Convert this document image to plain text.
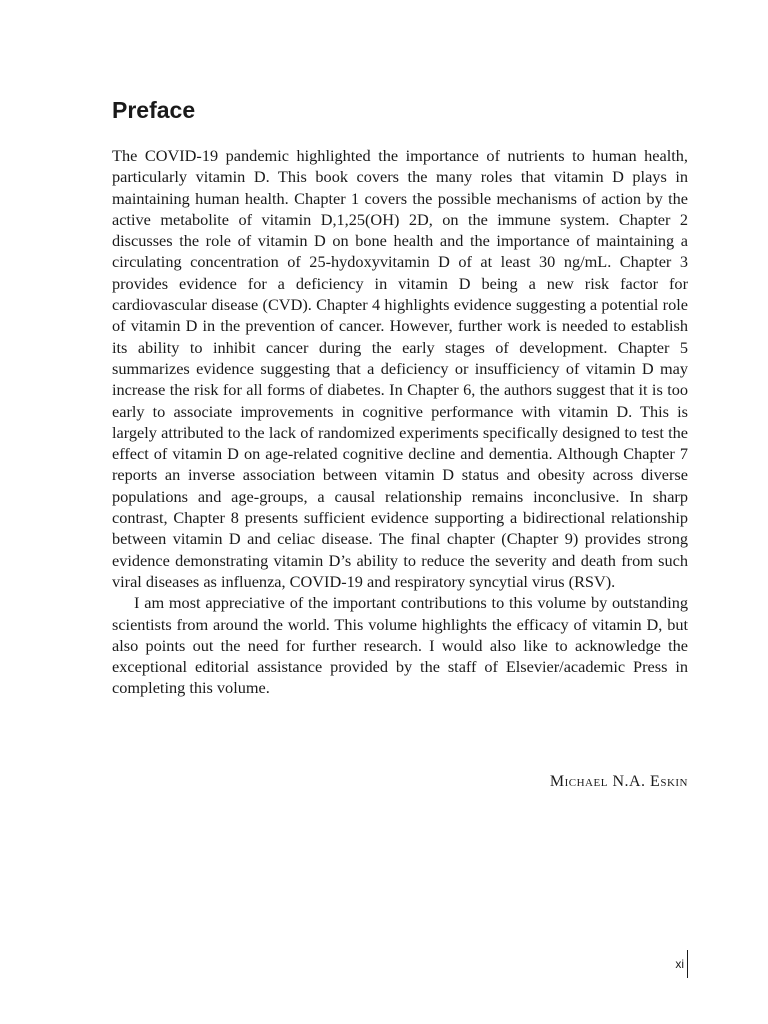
Preface

The COVID-19 pandemic highlighted the importance of nutrients to human health, particularly vitamin D. This book covers the many roles that vitamin D plays in maintaining human health. Chapter 1 covers the possible mechanisms of action by the active metabolite of vitamin D,1,25(OH) 2D, on the immune system. Chapter 2 discusses the role of vitamin D on bone health and the importance of maintaining a circulating concentration of 25-hydoxyvitamin D of at least 30 ng/mL. Chapter 3 provides evidence for a deficiency in vitamin D being a new risk factor for cardiovascular disease (CVD). Chapter 4 highlights evidence suggesting a potential role of vitamin D in the prevention of cancer. However, further work is needed to establish its ability to inhibit cancer during the early stages of development. Chapter 5 summarizes evidence suggesting that a deficiency or insufficiency of vitamin D may increase the risk for all forms of diabetes. In Chapter 6, the authors suggest that it is too early to associate improvements in cognitive performance with vitamin D. This is largely attributed to the lack of randomized experiments specifically designed to test the effect of vitamin D on age-related cognitive decline and dementia. Although Chapter 7 reports an inverse association between vitamin D status and obesity across diverse populations and age-groups, a causal relationship remains inconclusive. In sharp contrast, Chapter 8 presents sufficient evidence supporting a bidirectional relationship between vitamin D and celiac disease. The final chapter (Chapter 9) provides strong evidence demonstrating vitamin D’s ability to reduce the severity and death from such viral diseases as influenza, COVID-19 and respiratory syncytial virus (RSV).

I am most appreciative of the important contributions to this volume by outstanding scientists from around the world. This volume highlights the efficacy of vitamin D, but also points out the need for further research. I would also like to acknowledge the exceptional editorial assistance provided by the staff of Elsevier/academic Press in completing this volume.

Michael N.A. Eskin
xi
